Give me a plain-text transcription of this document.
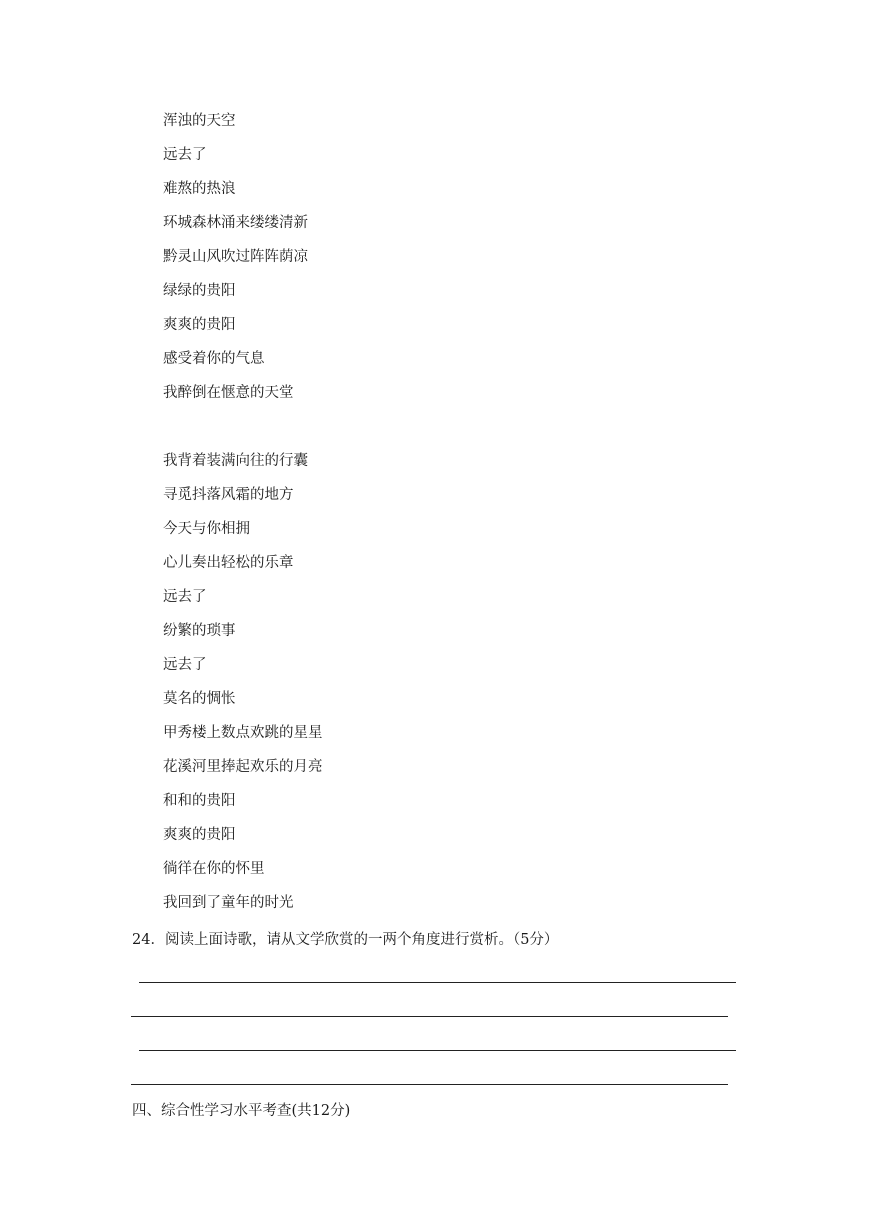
浑浊的天空
远去了
难熬的热浪
环城森林涌来缕缕清新
黔灵山风吹过阵阵荫凉
绿绿的贵阳
爽爽的贵阳
感受着你的气息
我醉倒在惬意的天堂
我背着装满向往的行囊
寻觅抖落风霜的地方
今天与你相拥
心儿奏出轻松的乐章
远去了
纷繁的琐事
远去了
莫名的惆怅
甲秀楼上数点欢跳的星星
花溪河里捧起欢乐的月亮
和和的贵阳
爽爽的贵阳
徜徉在你的怀里
我回到了童年的时光
24．阅读上面诗歌，请从文学欣赏的一两个角度进行赏析。（5分）
四、综合性学习水平考查(共12分)
